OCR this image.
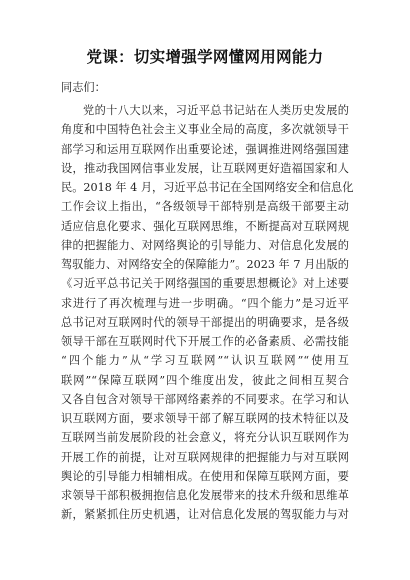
党课：切实增强学网懂网用网能力
同志们：
党的十八大以来，习近平总书记站在人类历史发展的
角度和中国特色社会主义事业全局的高度，多次就领导干
部学习和运用互联网作出重要论述，强调推进网络强国建
设，推动我国网信事业发展，让互联网更好造福国家和人
民。2018 年 4 月，习近平总书记在全国网络安全和信息化
工作会议上指出，“各级领导干部特别是高级干部要主动
适应信息化要求、强化互联网思维，不断提高对互联网规
律的把握能力、对网络舆论的引导能力、对信息化发展的
驾驭能力、对网络安全的保障能力”。2023 年 7 月出版的
《习近平总书记关于网络强国的重要思想概论》对上述要
求进行了再次梳理与进一步明确。“四个能力”是习近平
总书记对互联网时代的领导干部提出的明确要求，是各级
领导干部在互联网时代下开展工作的必备素质、必需技能
“四个能力”从“学习互联网”“认识互联网”“使用互
联网”“保障互联网”四个维度出发，彼此之间相互契合
又各自包含对领导干部网络素养的不同要求。在学习和认
识互联网方面，要求领导干部了解互联网的技术特征以及
互联网当前发展阶段的社会意义，将充分认识互联网作为
开展工作的前提，让对互联网规律的把握能力与对互联网
舆论的引导能力相辅相成。在使用和保障互联网方面，要
求领导干部积极拥抱信息化发展带来的技术升级和思维革
新，紧紧抓住历史机遇，让对信息化发展的驾驭能力与对
